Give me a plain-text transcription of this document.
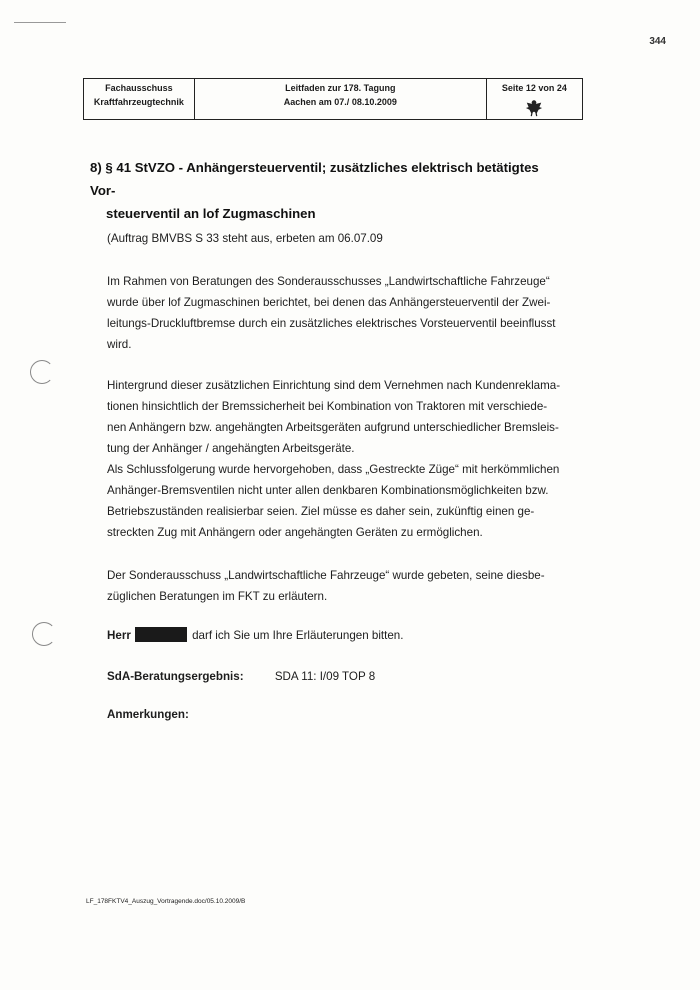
344
Fachausschuss
Kraftfahrzeugtechnik

Leitfaden zur 178. Tagung
Aachen am 07./ 08.10.2009

Seite 12 von 24
8) § 41 StVZO - Anhängersteuerventil; zusätzliches elektrisch betätigtes Vor-
steuerventil an lof Zugmaschinen

(Auftrag BMVBS S 33 steht aus, erbeten am 06.07.09

Im Rahmen von Beratungen des Sonderausschusses „Landwirtschaftliche Fahrzeuge“

wurde über lof Zugmaschinen berichtet, bei denen das Anhängersteuerventil der Zwei-

leitungs-Druckluftbremse durch ein zusätzliches elektrisches Vorsteuerventil beeinflusst

wird.

Hintergrund dieser zusätzlichen Einrichtung sind dem Vernehmen nach Kundenreklama-

tionen hinsichtlich der Bremssicherheit bei Kombination von Traktoren mit verschiede-

nen Anhängern bzw. angehängten Arbeitsgeräten aufgrund unterschiedlicher Bremsleis-

tung der Anhänger / angehängten Arbeitsgeräte.

Als Schlussfolgerung wurde hervorgehoben, dass „Gestreckte Züge“ mit herkömmlichen

Anhänger-Bremsventilen nicht unter allen denkbaren Kombinationsmöglichkeiten bzw.

Betriebszuständen realisierbar seien. Ziel müsse es daher sein, zukünftig einen ge-

streckten Zug mit Anhängern oder angehängten Geräten zu ermöglichen.

Der Sonderausschuss „Landwirtschaftliche Fahrzeuge“ wurde gebeten, seine diesbe-

züglichen Beratungen im FKT zu erläutern.

Herr	darf ich Sie um Ihre Erläuterungen bitten.

SdA-Beratungsergebnis:	SDA 11: I/09 TOP 8
Anmerkungen:
LF_178FKTV4_Auszug_Vortragende.doc/05.10.2009/B
